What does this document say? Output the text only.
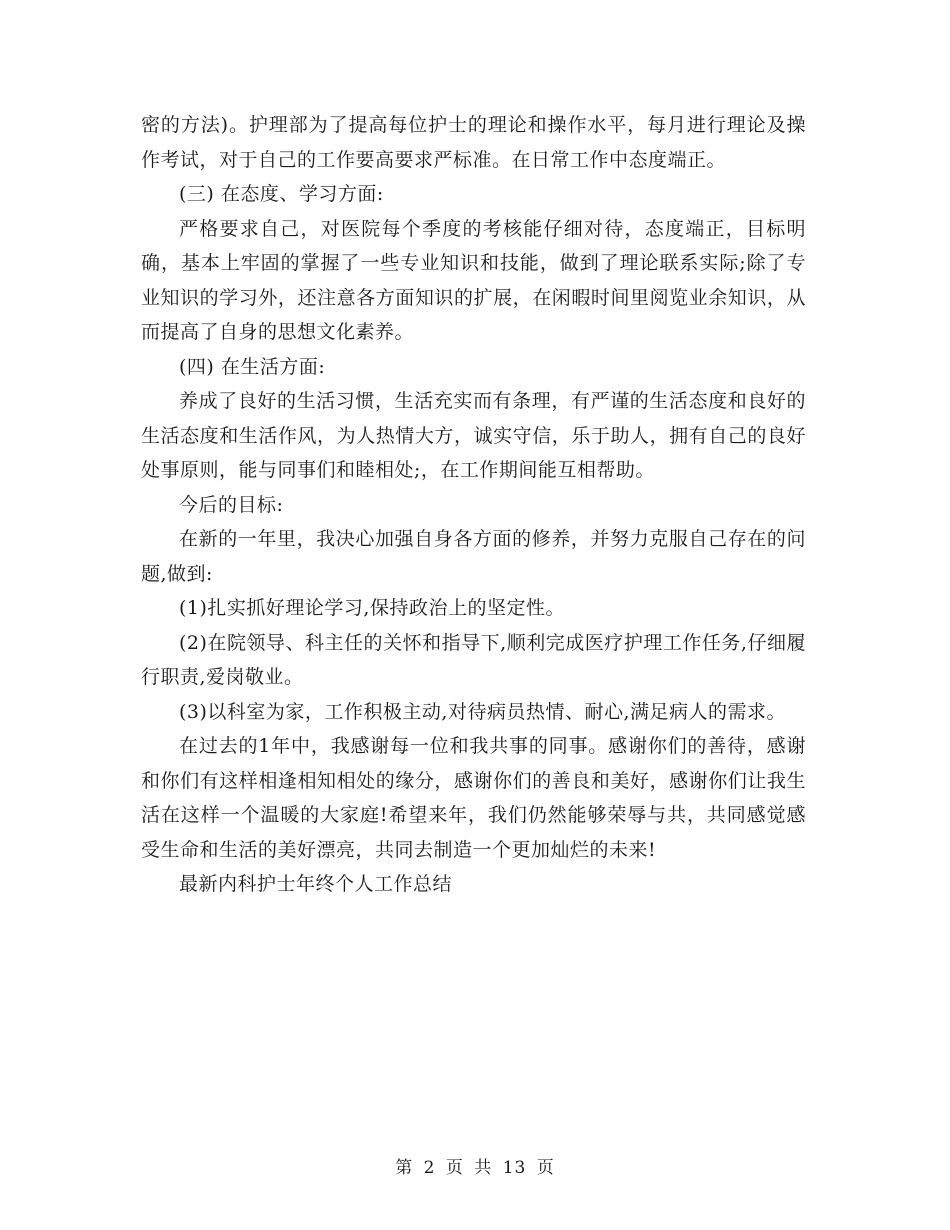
密的方法)。护理部为了提高每位护士的理论和操作水平，每月进行理论及操作考试，对于自己的工作要高要求严标准。在日常工作中态度端正。

(三) 在态度、学习方面:

严格要求自己，对医院每个季度的考核能仔细对待，态度端正，目标明确，基本上牢固的掌握了一些专业知识和技能，做到了理论联系实际;除了专业知识的学习外，还注意各方面知识的扩展，在闲暇时间里阅览业余知识，从而提高了自身的思想文化素养。

(四) 在生活方面:

养成了良好的生活习惯，生活充实而有条理，有严谨的生活态度和良好的生活态度和生活作风，为人热情大方，诚实守信，乐于助人，拥有自己的良好处事原则，能与同事们和睦相处;，在工作期间能互相帮助。

今后的目标:

在新的一年里，我决心加强自身各方面的修养，并努力克服自己存在的问题,做到:

(1)扎实抓好理论学习,保持政治上的坚定性。

(2)在院领导、科主任的关怀和指导下,顺利完成医疗护理工作任务,仔细履行职责,爱岗敬业。

(3)以科室为家，工作积极主动,对待病员热情、耐心,满足病人的需求。

在过去的1年中，我感谢每一位和我共事的同事。感谢你们的善待，感谢和你们有这样相逢相知相处的缘分，感谢你们的善良和美好，感谢你们让我生活在这样一个温暖的大家庭!希望来年，我们仍然能够荣辱与共，共同感觉感受生命和生活的美好漂亮，共同去制造一个更加灿烂的未来!

最新内科护士年终个人工作总结

第 2 页 共 13 页
